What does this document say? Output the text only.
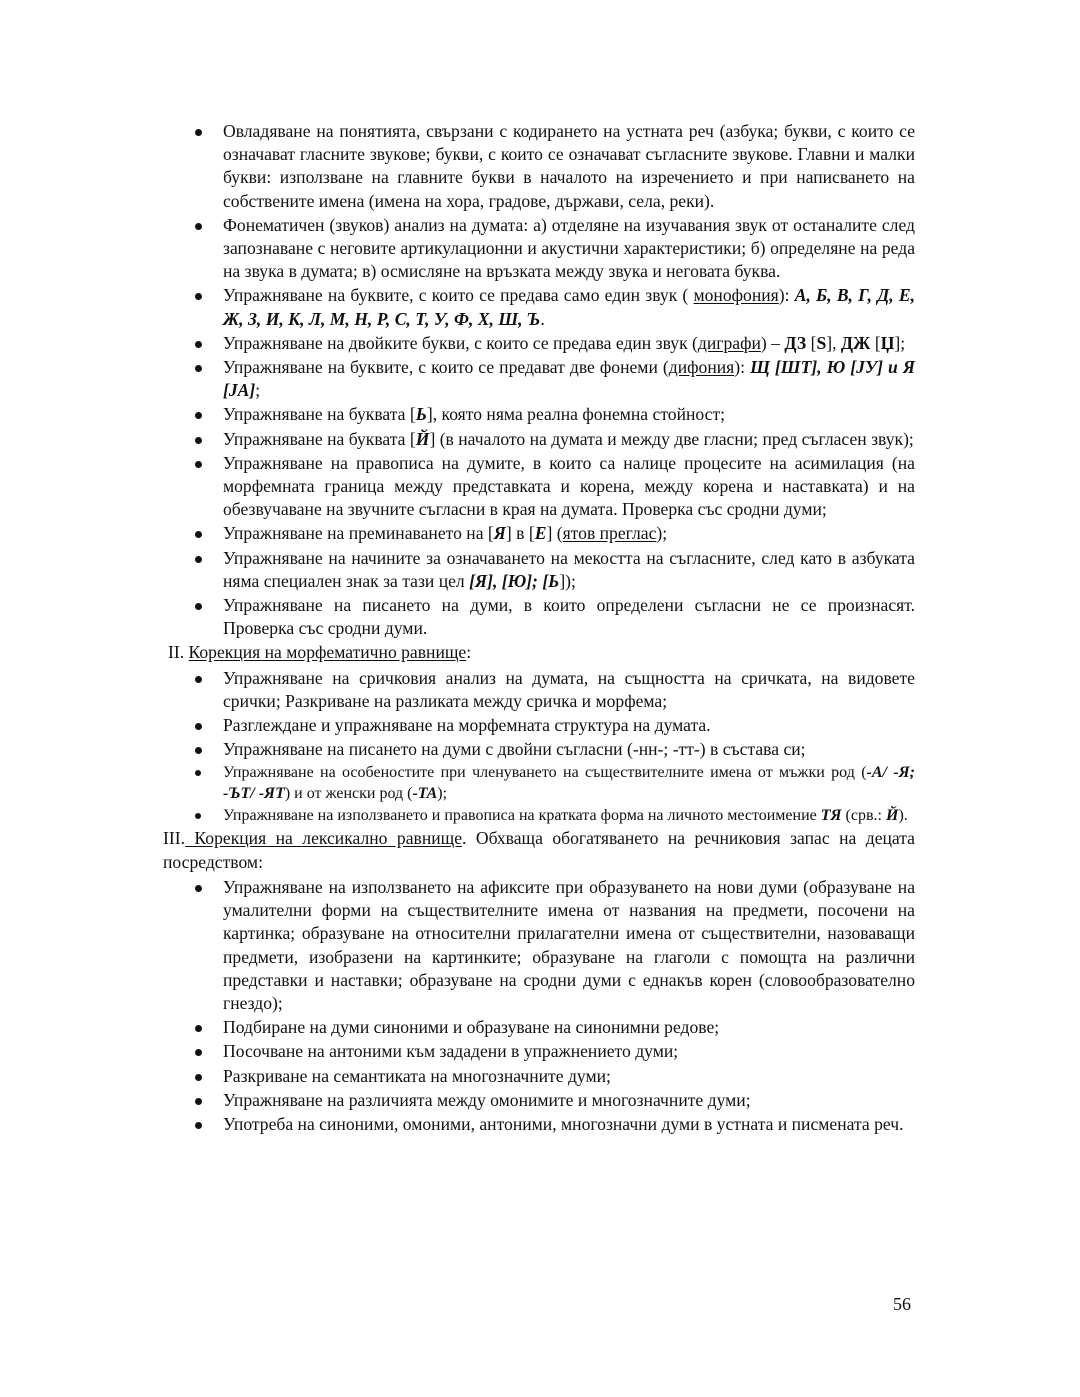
Овладяване на понятията, свързани с кодирането на устната реч (азбука; букви, с които се означават гласните звукове; букви, с които се означават съгласните звукове. Главни и малки букви: използване на главните букви в началото на изречението и при написването на собствените имена (имена на хора, градове, държави, села, реки).
Фонематичен (звуков) анализ на думата: а) отделяне на изучавания звук от останалите след запознаване с неговите артикулационни и акустични характеристики; б) определяне на реда на звука в думата; в) осмисляне на връзката между звука и неговата буква.
Упражняване на буквите, с които се предава само един звук ( монофония): А, Б, В, Г, Д, Е, Ж, З, И, К, Л, М, Н, Р, С, Т, У, Ф, Х, Ш, Ъ.
Упражняване на двойките букви, с които се предава един звук (диграфи) – ДЗ [S], ДЖ [Џ];
Упражняване на буквите, с които се предават две фонеми (дифония): Щ [ШТ], Ю [ЈУ] и Я [ЈА];
Упражняване на буквата [Ь], която няма реална фонемна стойност;
Упражняване на буквата [Й] (в началото на думата и между две гласни; пред съгласен звук);
Упражняване на правописа на думите, в които са налице процесите на асимилация (на морфемната граница между представката и корена, между корена и наставката) и на обезвучаване на звучните съгласни в края на думата. Проверка със сродни думи;
Упражняване на преминаването на [Я] в [Е] (ятов преглас);
Упражняване на начините за означаването на мекостта на съгласните, след като в азбуката няма специален знак за тази цел [Я], [Ю]; [Ь]);
Упражняване на писането на думи, в които определени съгласни не се произнасят. Проверка със сродни думи.
II. Корекция на морфематично равнище:
Упражняване на сричковия анализ на думата, на същността на сричката, на видовете срички; Разкриване на разликата между сричка и морфема;
Разглеждане и упражняване на морфемната структура на думата.
Упражняване на писането на думи с двойни съгласни (-нн-; -тт-) в състава си;
Упражняване на особеностите при членуването на съществителните имена от мъжки род (-А/ -Я; -ЪТ/ -ЯТ) и от женски род (-ТА);
Упражняване на използването и правописа на кратката форма на личното местоимение ТЯ (срв.: Й).
III. Корекция на лексикално равнище. Обхваща обогатяването на речниковия запас на децата посредством:
Упражняване на използването на афиксите при образуването на нови думи (образуване на умалителни форми на съществителните имена от названия на предмети, посочени на картинка; образуване на относителни прилагателни имена от съществителни, назоваващи предмети, изобразени на картинките; образуване на глаголи с помощта на различни представки и наставки; образуване на сродни думи с еднакъв корен (словообразователно гнездо);
Подбиране на думи синоними и образуване на синонимни редове;
Посочване на антоними към зададени в упражнението думи;
Разкриване на семантиката на многозначните думи;
Упражняване на различията между омонимите и многозначните думи;
Употреба на синоними, омоними, антоними, многозначни думи в устната и писмената реч.
56
